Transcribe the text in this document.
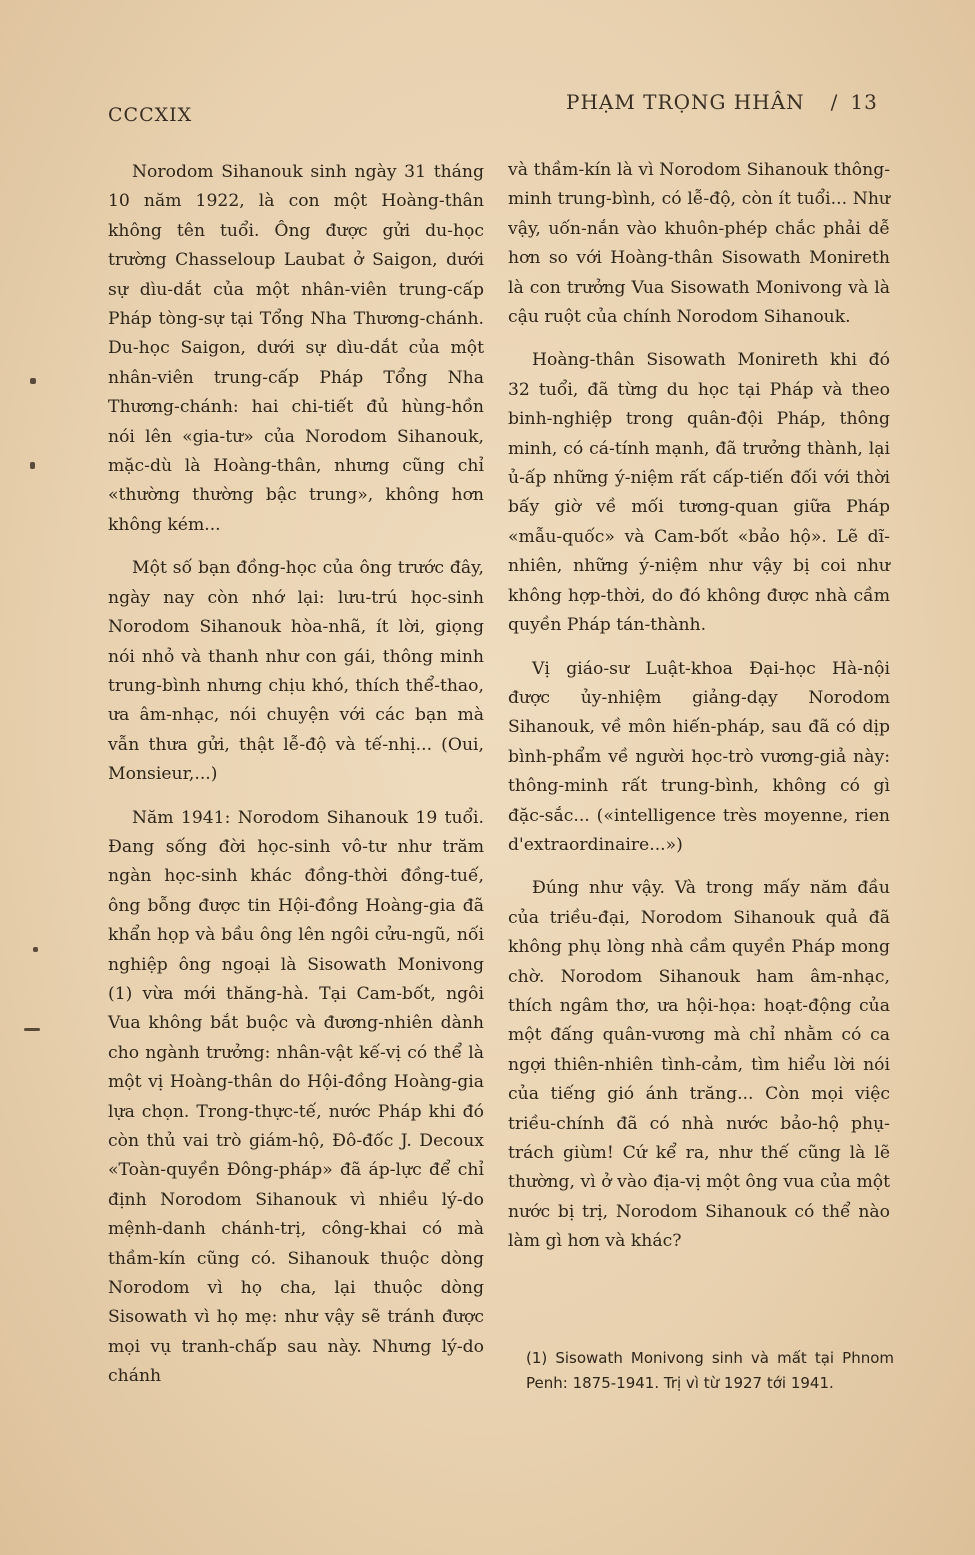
CCCXIX
PHẠM TRỌNG HHÂN / 13

Norodom Sihanouk sinh ngày 31 tháng 10 năm 1922, là con một Hoàng-thân không tên tuổi. Ông được gửi du-học trường Chasseloup Laubat ở Saigon, dưới sự dìu-dắt của một nhân-viên trung-cấp Pháp tòng-sự tại Tổng Nha Thương-chánh. Du-học Saigon, dưới sự dìu-dắt của một nhân-viên trung-cấp Pháp Tổng Nha Thương-chánh: hai chi-tiết đủ hùng-hồn nói lên «gia-tư» của Norodom Sihanouk, mặc-dù là Hoàng-thân, nhưng cũng chỉ «thường thường bậc trung», không hơn không kém...

Một số bạn đồng-học của ông trước đây, ngày nay còn nhớ lại: lưu-trú học-sinh Norodom Sihanouk hòa-nhã, ít lời, giọng nói nhỏ và thanh như con gái, thông minh trung-bình nhưng chịu khó, thích thể-thao, ưa âm-nhạc, nói chuyện với các bạn mà vẫn thưa gửi, thật lễ-độ và tế-nhị... (Oui, Monsieur,...)

Năm 1941: Norodom Sihanouk 19 tuổi. Đang sống đời học-sinh vô-tư như trăm ngàn học-sinh khác đồng-thời đồng-tuế, ông bỗng được tin Hội-đồng Hoàng-gia đã khẩn họp và bầu ông lên ngôi cửu-ngũ, nối nghiệp ông ngoại là Sisowath Monivong (1) vừa mới thăng-hà. Tại Cam-bốt, ngôi Vua không bắt buộc và đương-nhiên dành cho ngành trưởng: nhân-vật kế-vị có thể là một vị Hoàng-thân do Hội-đồng Hoàng-gia lựa chọn. Trong-thực-tế, nước Pháp khi đó còn thủ vai trò giám-hộ, Đô-đốc J. Decoux «Toàn-quyền Đông-pháp» đã áp-lực để chỉ định Norodom Sihanouk vì nhiều lý-do mệnh-danh chánh-trị, công-khai có mà thầm-kín cũng có. Sihanouk thuộc dòng Norodom vì họ cha, lại thuộc dòng Sisowath vì họ mẹ: như vậy sẽ tránh được mọi vụ tranh-chấp sau này. Nhưng lý-do chánh

và thầm-kín là vì Norodom Sihanouk thông-minh trung-bình, có lễ-độ, còn ít tuổi... Như vậy, uốn-nắn vào khuôn-phép chắc phải dễ hơn so với Hoàng-thân Sisowath Monireth là con trưởng Vua Sisowath Monivong và là cậu ruột của chính Norodom Sihanouk.

Hoàng-thân Sisowath Monireth khi đó 32 tuổi, đã từng du học tại Pháp và theo binh-nghiệp trong quân-đội Pháp, thông minh, có cá-tính mạnh, đã trưởng thành, lại ủ-ấp những ý-niệm rất cấp-tiến đối với thời bấy giờ về mối tương-quan giữa Pháp «mẫu-quốc» và Cam-bốt «bảo hộ». Lẽ dĩ-nhiên, những ý-niệm như vậy bị coi như không hợp-thời, do đó không được nhà cầm quyền Pháp tán-thành.

Vị giáo-sư Luật-khoa Đại-học Hà-nội được ủy-nhiệm giảng-dạy Norodom Sihanouk, về môn hiến-pháp, sau đã có dịp bình-phẩm về người học-trò vương-giả này: thông-minh rất trung-bình, không có gì đặc-sắc... («intelligence très moyenne, rien d'extraordinaire...»)

Đúng như vậy. Và trong mấy năm đầu của triều-đại, Norodom Sihanouk quả đã không phụ lòng nhà cầm quyền Pháp mong chờ. Norodom Sihanouk ham âm-nhạc, thích ngâm thơ, ưa hội-họa: hoạt-động của một đấng quân-vương mà chỉ nhằm có ca ngợi thiên-nhiên tình-cảm, tìm hiểu lời nói của tiếng gió ánh trăng... Còn mọi việc triều-chính đã có nhà nước bảo-hộ phụ-trách giùm! Cứ kể ra, như thế cũng là lẽ thường, vì ở vào địa-vị một ông vua của một nước bị trị, Norodom Sihanouk có thể nào làm gì hơn và khác?

(1) Sisowath Monivong sinh và mất tại Phnom Penh: 1875-1941. Trị vì từ 1927 tới 1941.
